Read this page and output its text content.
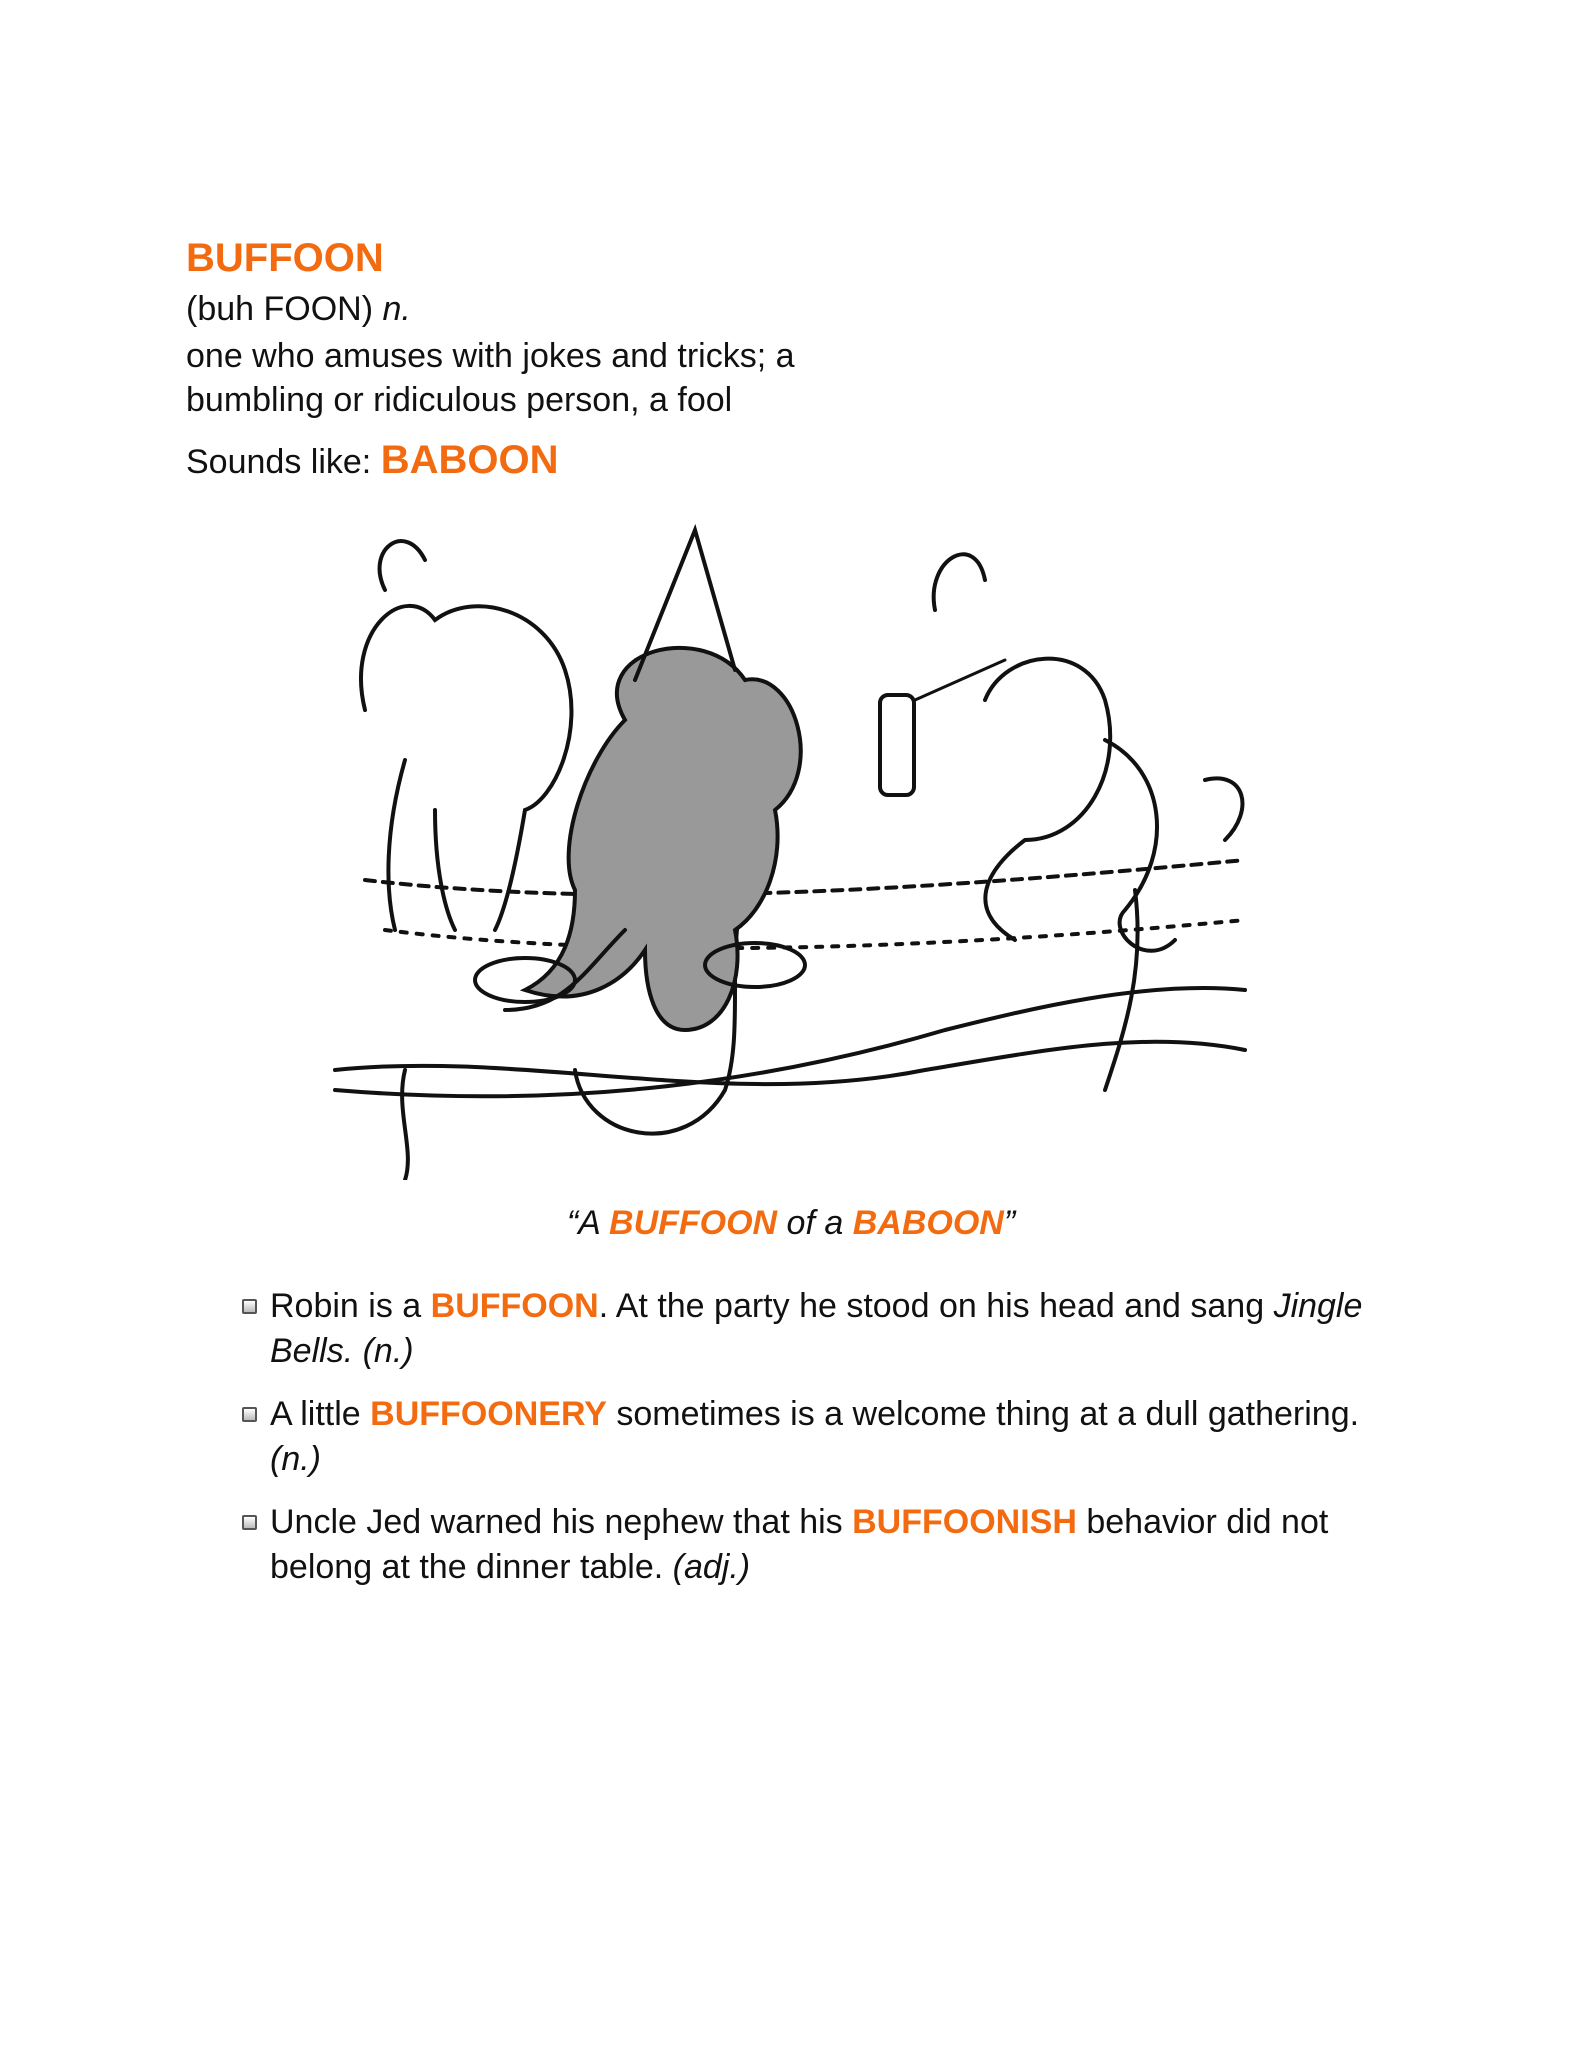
BUFFOON
(buh FOON) n.
one who amuses with jokes and tricks; a bumbling or ridiculous person, a fool
Sounds like: BABOON
“A BUFFOON of a BABOON”
Robin is a BUFFOON. At the party he stood on his head and sang Jingle Bells. (n.)
A little BUFFOONERY sometimes is a welcome thing at a dull gathering. (n.)
Uncle Jed warned his nephew that his BUFFOONISH behavior did not belong at the dinner table. (adj.)
